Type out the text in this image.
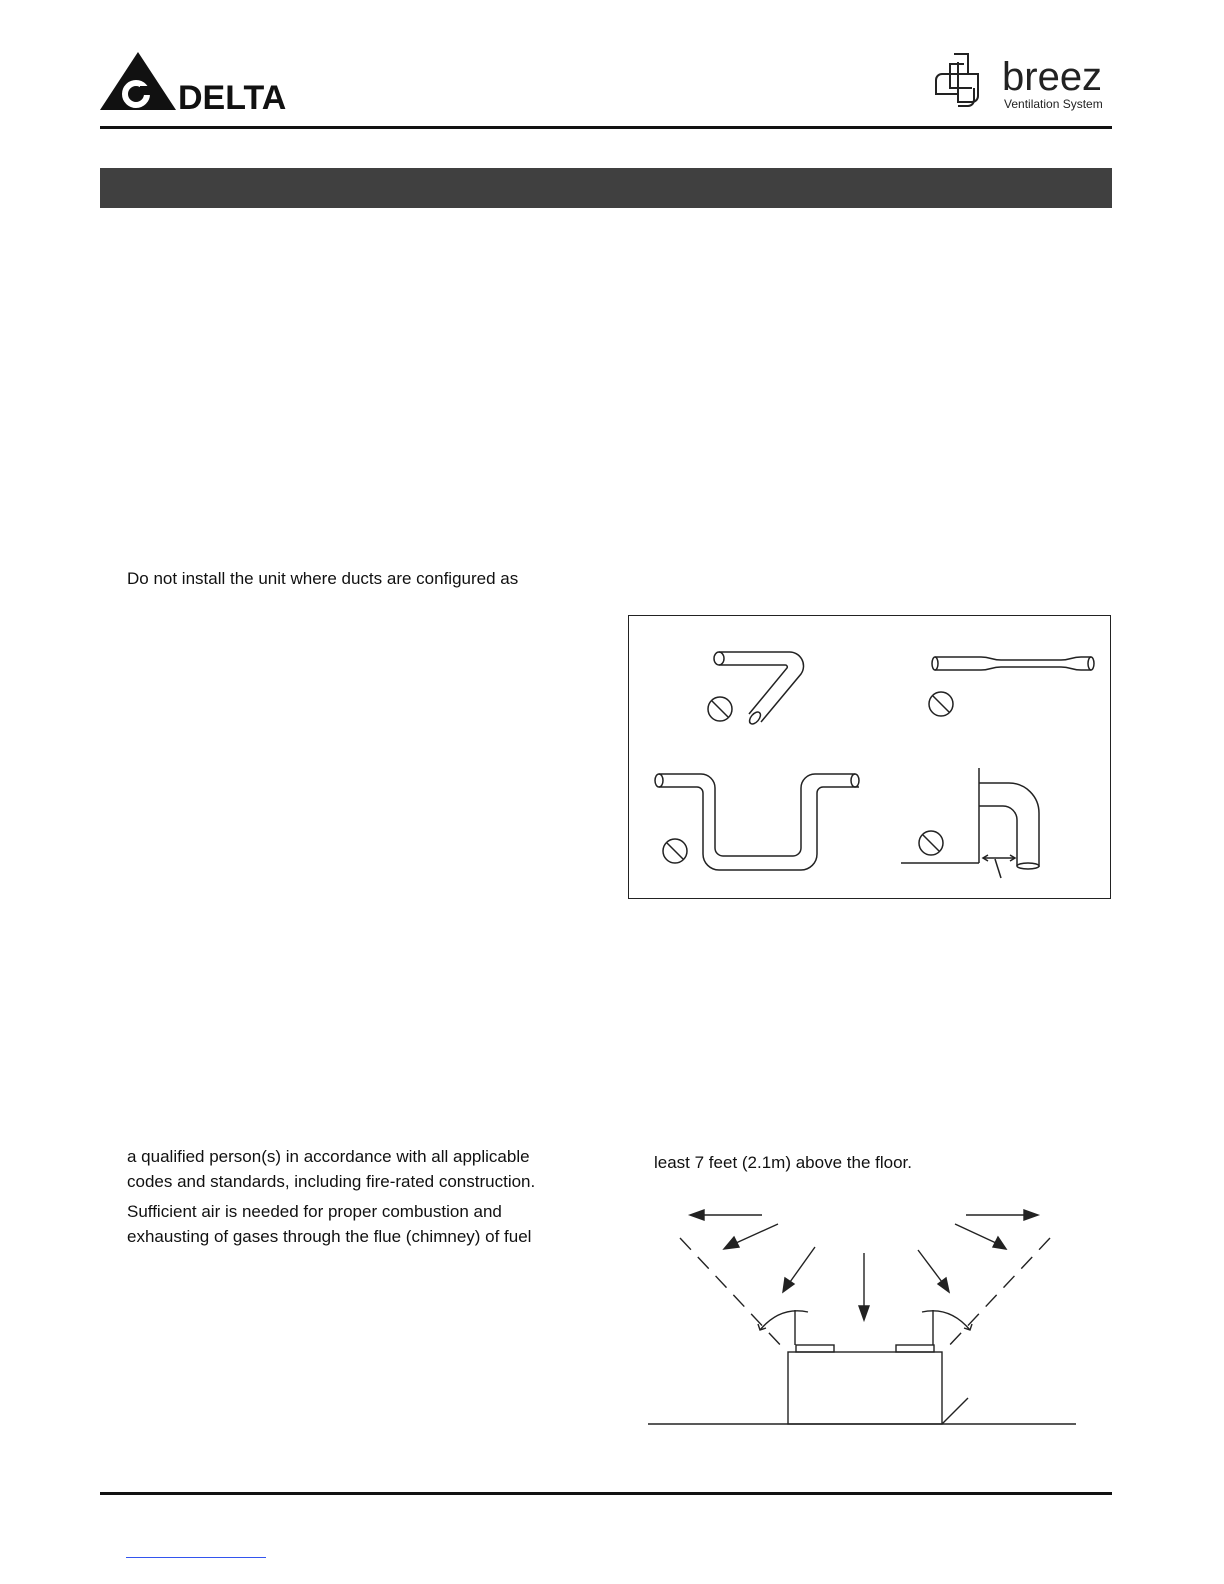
DELTA	breez
Ventilation System
Do not install the unit where ducts are configured as
a qualified person(s) in accordance with all applicable
codes and standards, including fire-rated construction.
Sufficient air is needed for proper combustion and
exhausting of gases through the flue (chimney) of fuel
least 7 feet (2.1m) above the floor.
